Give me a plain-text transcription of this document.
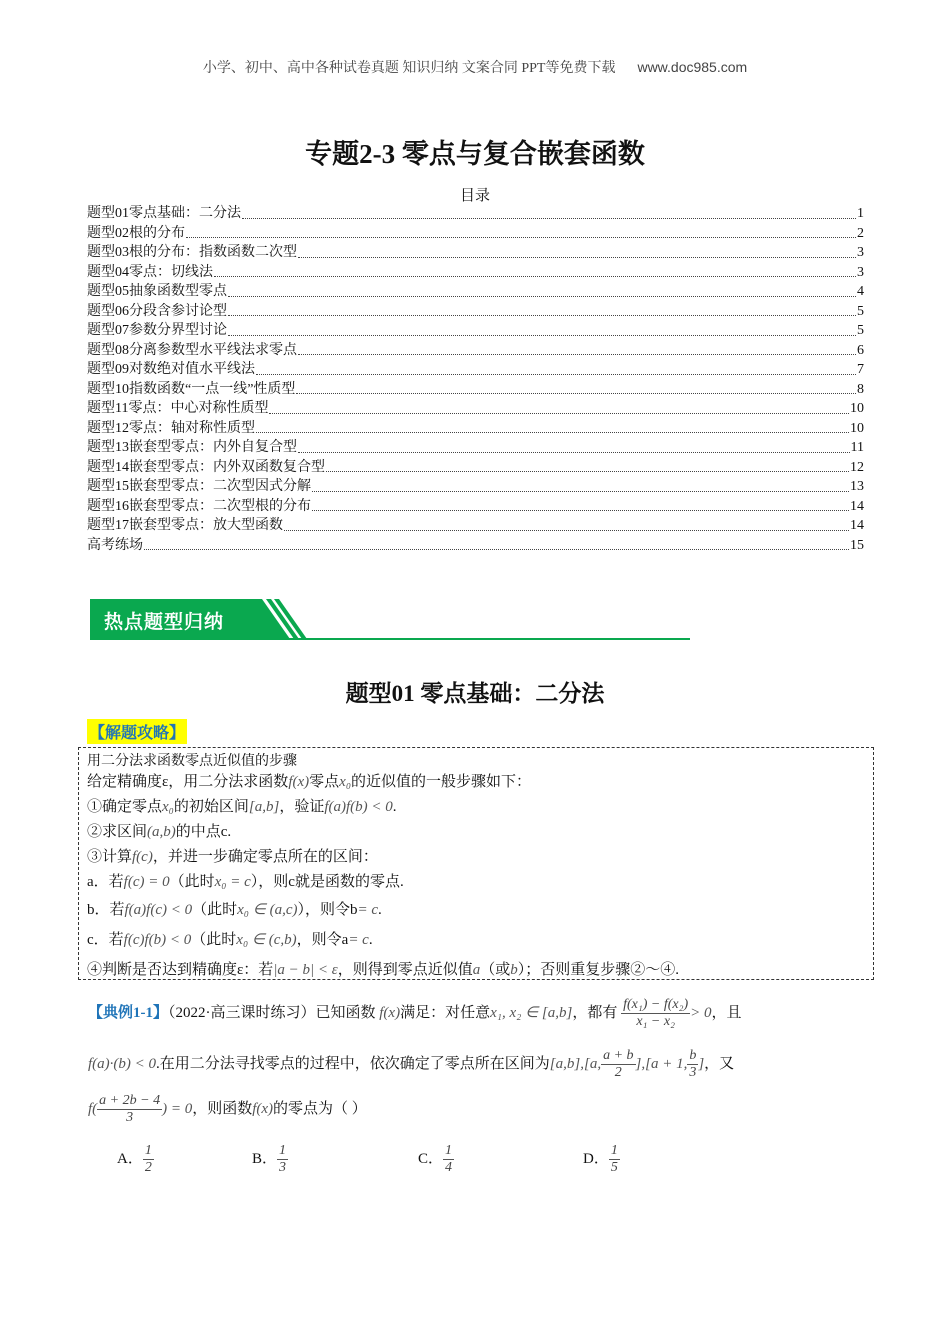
小学、初中、高中各种试卷真题 知识归纳 文案合同 PPT等免费下载 www.doc985.com
专题2-3 零点与复合嵌套函数
目录
题型01零点基础：二分法	1
题型02根的分布	2
题型03根的分布：指数函数二次型	3
题型04零点：切线法	3
题型05抽象函数型零点	4
题型06分段含参讨论型	5
题型07参数分界型讨论	5
题型08分离参数型水平线法求零点	6
题型09对数绝对值水平线法	7
题型10指数函数“一点一线”性质型	8
题型11零点：中心对称性质型	10
题型12零点：轴对称性质型	10
题型13嵌套型零点：内外自复合型	11
题型14嵌套型零点：内外双函数复合型	12
题型15嵌套型零点：二次型因式分解	13
题型16嵌套型零点：二次型根的分布	14
题型17嵌套型零点：放大型函数	14
高考练场	15
热点题型归纳
题型01 零点基础：二分法
【解题攻略】
用二分法求函数零点近似值的步骤
给定精确度ε，用二分法求函数f(x)零点x₀的近似值的一般步骤如下：
①确定零点x₀的初始区间[a,b]，验证f(a)f(b) < 0.
②求区间(a,b)的中点c.
③计算f(c)，并进一步确定零点所在的区间：
a．若f(c) = 0（此时x₀ = c），则c就是函数的零点.
b．若f(a)f(c) < 0（此时x₀ ∈ (a,c)），则令b= c.
c．若f(c)f(b) < 0（此时x₀ ∈ (c,b)，则令a= c.
④判断是否达到精确度ε：若|a − b| < ε，则得到零点近似值a（或b）；否则重复步骤②～④.
【典例1-1】（2022·高三课时练习）已知函数 f(x)满足：对任意x₁, x₂ ∈ [a,b]，都有 $\frac{\text{f(x₁) − f(x₂)}}{\text{x₁ − x₂}} > 0$，且
f(a)·(b) < 0.在用二分法寻找零点的过程中，依次确定了零点所在区间为[a,b],[a, $\frac{a + b}{2} ],[a + 1$, $\frac{b}{3}$ ]，又
$f( \frac{a + 2b - 4}{3}$ ) = 0，则函数f(x)的零点为（ ）
A． $\frac{1}{2}$	B． $\frac{1}{3}$	C． $\frac{1}{4}$	D． $\frac{1}{5}$
